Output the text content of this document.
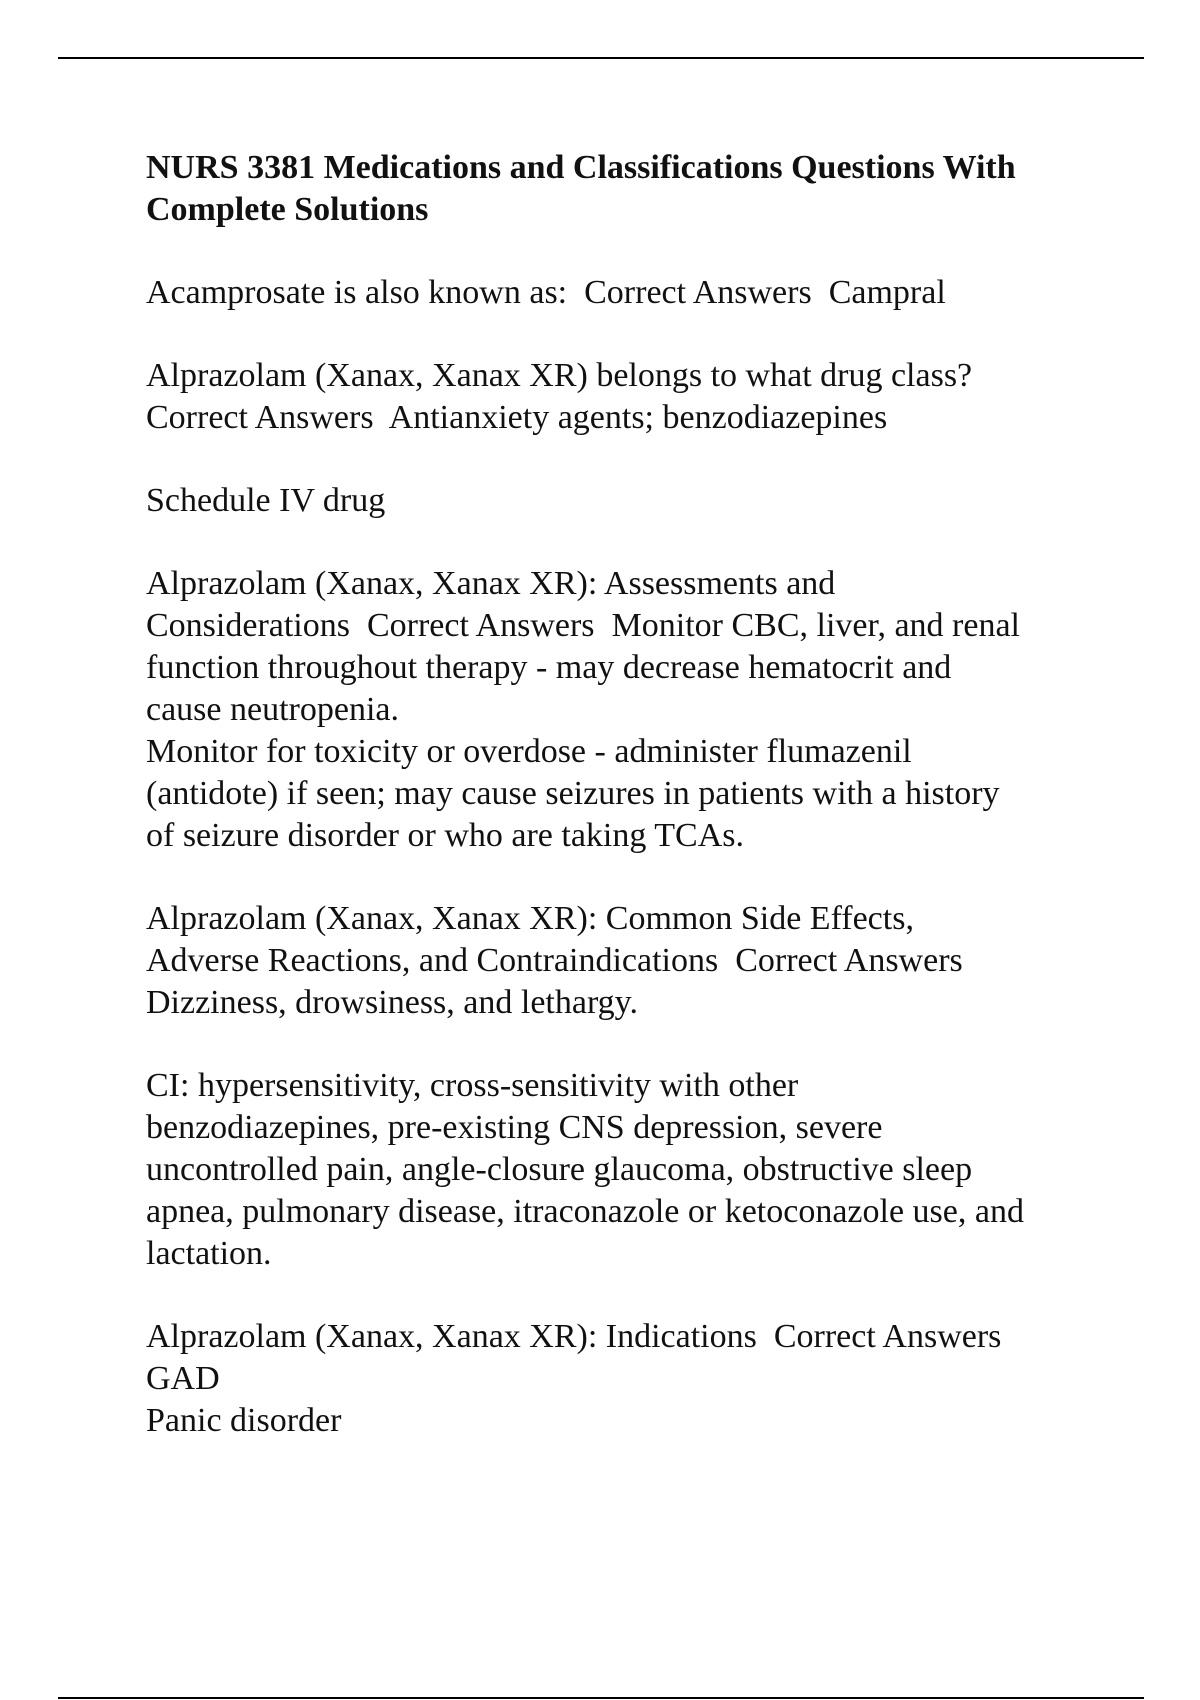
NURS 3381 Medications and Classifications Questions With Complete Solutions
Acamprosate is also known as:  Correct Answers  Campral
Alprazolam (Xanax, Xanax XR) belongs to what drug class?
Correct Answers  Antianxiety agents; benzodiazepines
Schedule IV drug
Alprazolam (Xanax, Xanax XR): Assessments and
Considerations  Correct Answers  Monitor CBC, liver, and renal
function throughout therapy - may decrease hematocrit and
cause neutropenia.
Monitor for toxicity or overdose - administer flumazenil
(antidote) if seen; may cause seizures in patients with a history
of seizure disorder or who are taking TCAs.
Alprazolam (Xanax, Xanax XR): Common Side Effects,
Adverse Reactions, and Contraindications  Correct Answers
Dizziness, drowsiness, and lethargy.
CI: hypersensitivity, cross-sensitivity with other
benzodiazepines, pre-existing CNS depression, severe
uncontrolled pain, angle-closure glaucoma, obstructive sleep
apnea, pulmonary disease, itraconazole or ketoconazole use, and
lactation.
Alprazolam (Xanax, Xanax XR): Indications  Correct Answers
GAD
Panic disorder
